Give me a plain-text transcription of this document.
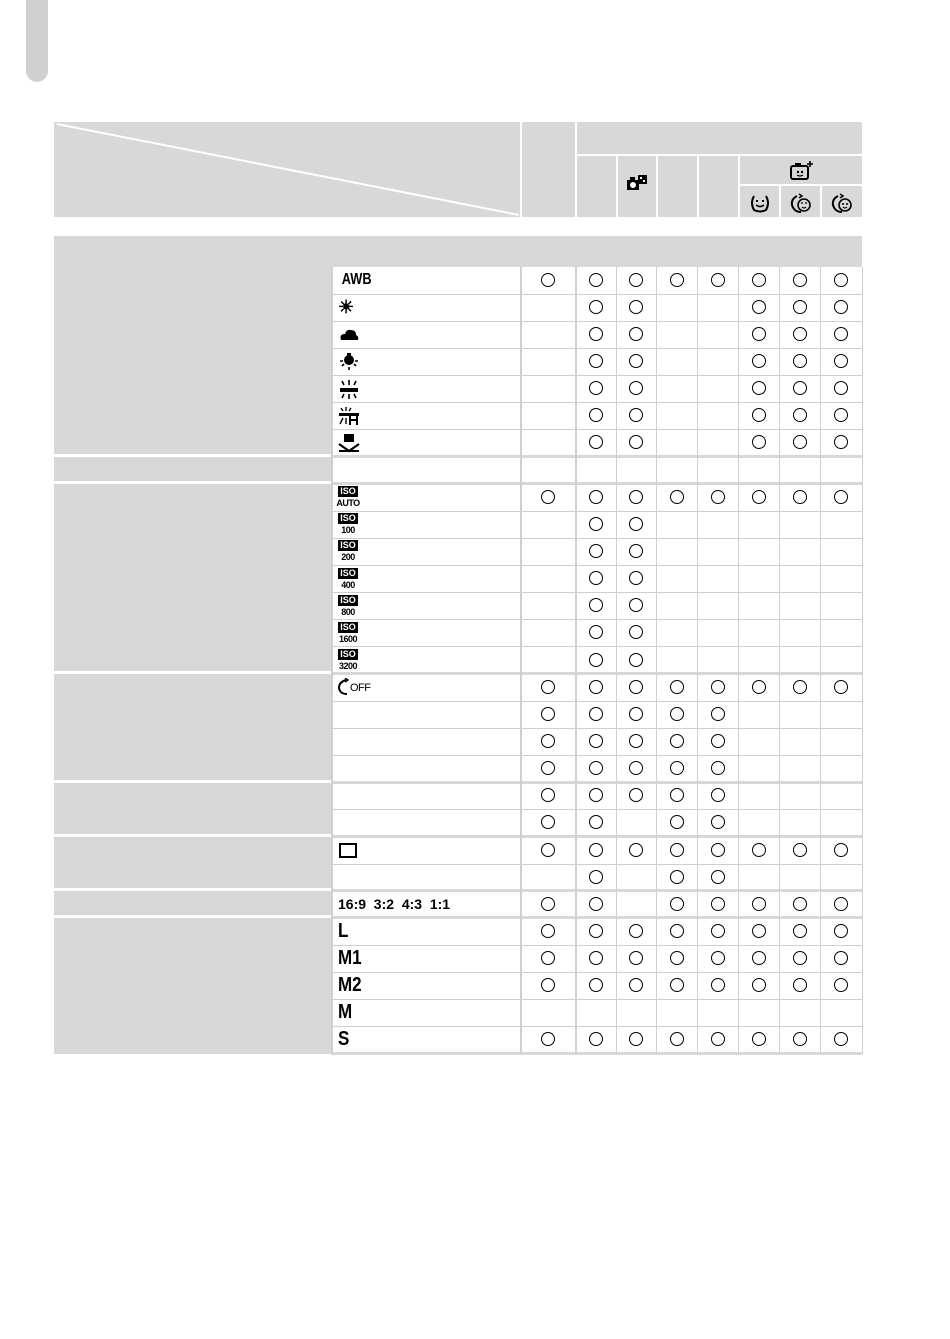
AWB
☀
ISO
AUTO
ISO
100
ISO
200
ISO
400
ISO
800
ISO
1600
ISO
3200
OFF
16:9  3:2  4:3  1:1
L
M1
M2
M
S
